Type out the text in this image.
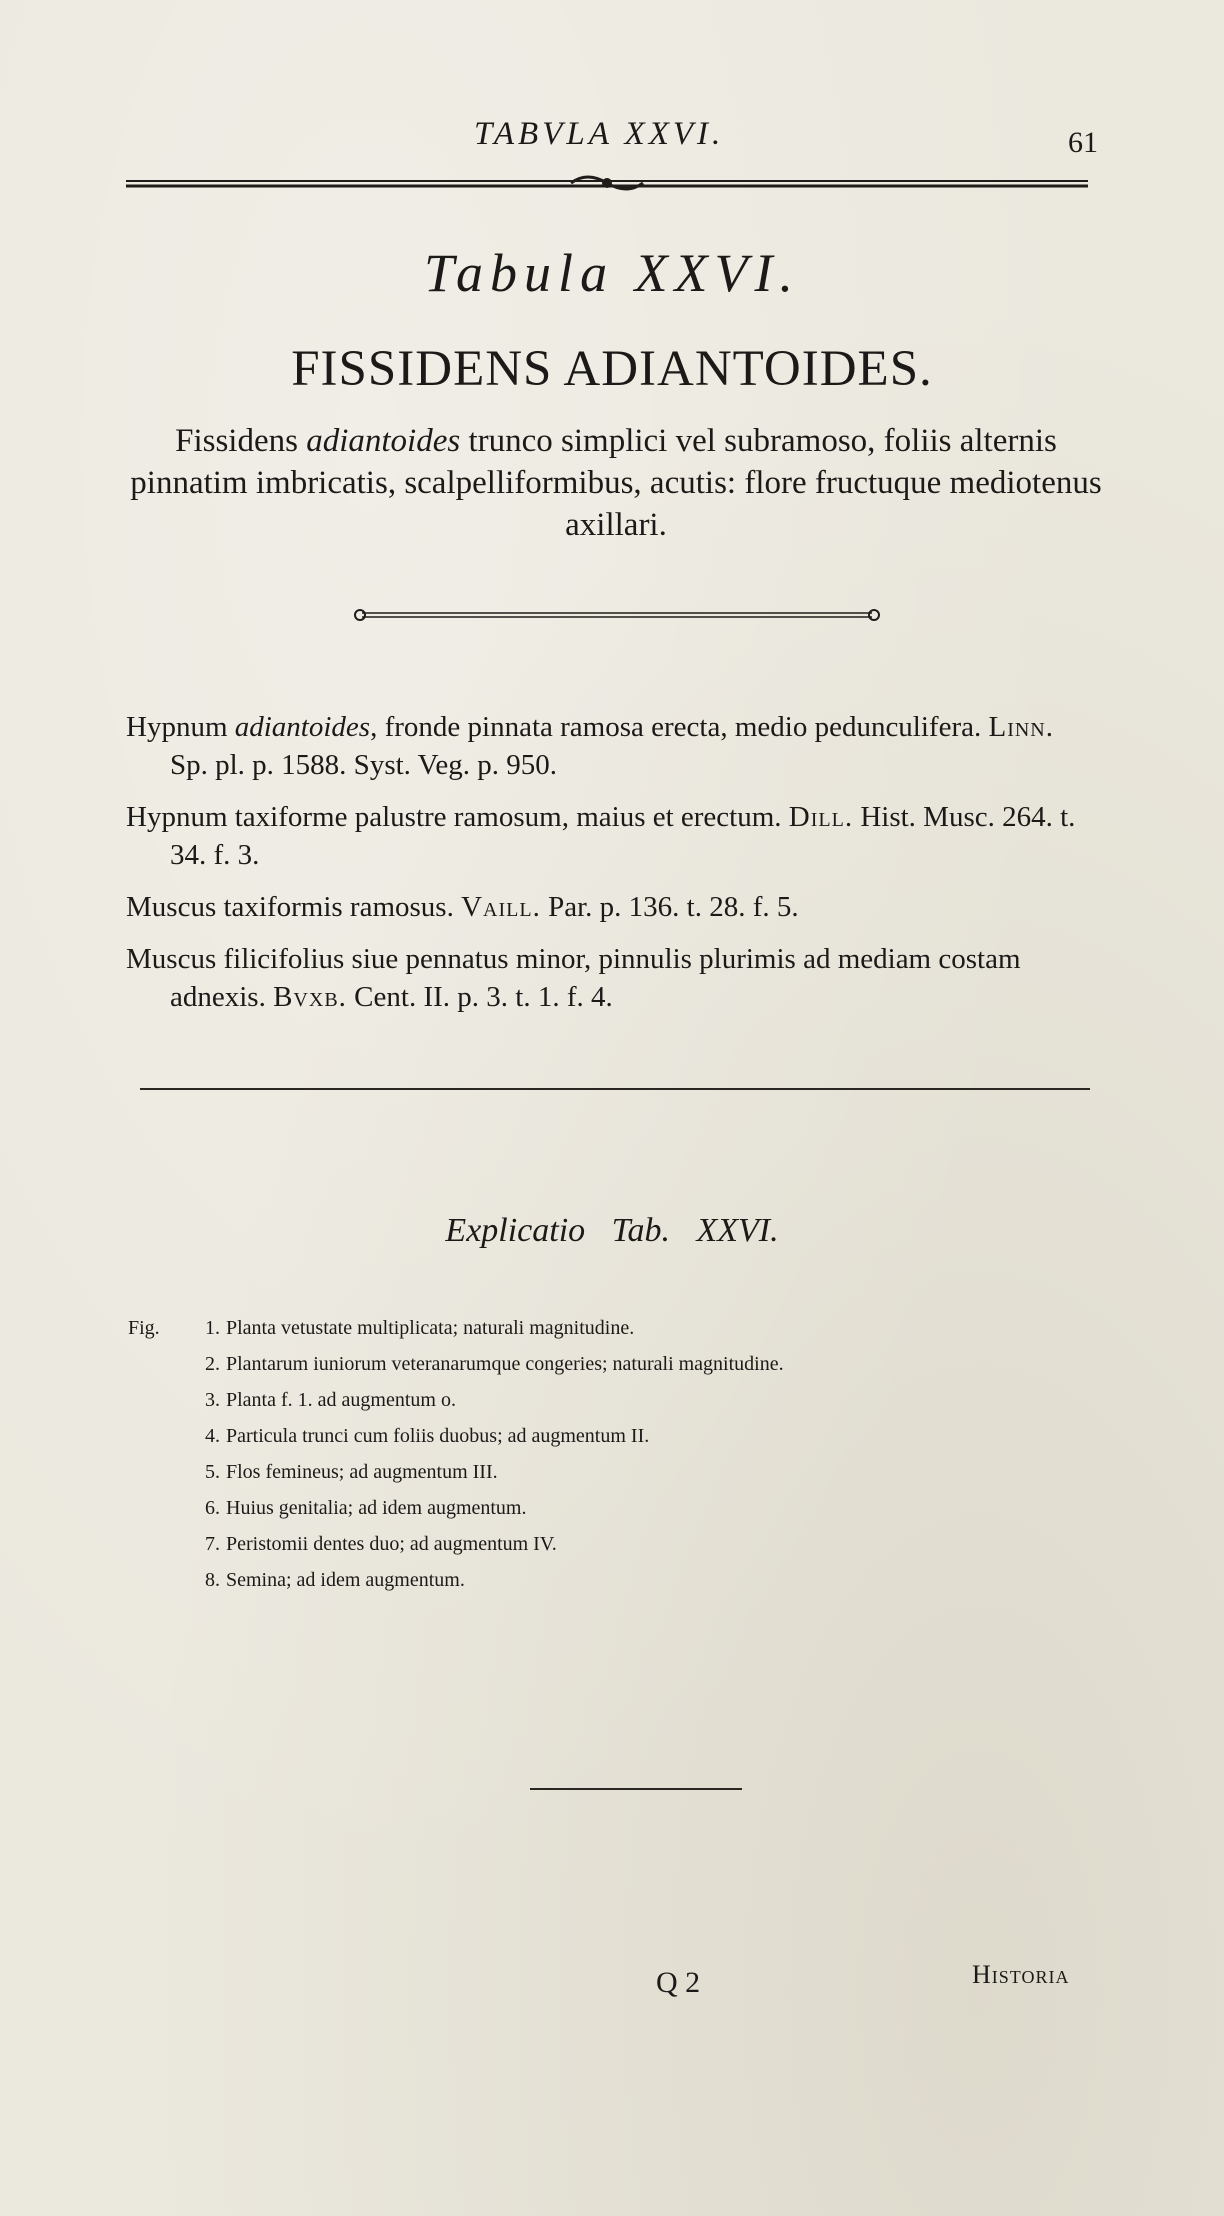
TABVLA XXVI.	61
Tabula XXVI.
FISSIDENS ADIANTOIDES.
Fissidens adiantoides trunco simplici vel subramoso, foliis alternis pinnatim imbricatis, scalpelliformibus, acutis: flore fructuque mediotenus axillari.
Hypnum adiantoides, fronde pinnata ramosa erecta, medio pedunculifera. Linn. Sp. pl. p. 1588. Syst. Veg. p. 950.
Hypnum taxiforme palustre ramosum, maius et erectum. Dill. Hist. Musc. 264. t. 34. f. 3.
Muscus taxiformis ramosus. Vaill. Par. p. 136. t. 28. f. 5.
Muscus filicifolius siue pennatus minor, pinnulis plurimis ad mediam costam adnexis. Bvxb. Cent. II. p. 3. t. 1. f. 4.
Explicatio Tab. XXVI.
Fig.	1. Planta vetustate multiplicata; naturali magnitudine.
2. Plantarum iuniorum veteranarumque congeries; naturali magnitudine.
3. Planta f. 1. ad augmentum o.
4. Particula trunci cum foliis duobus; ad augmentum II.
5. Flos femineus; ad augmentum III.
6. Huius genitalia; ad idem augmentum.
7. Peristomii dentes duo; ad augmentum IV.
8. Semina; ad idem augmentum.
Q 2	Historia
